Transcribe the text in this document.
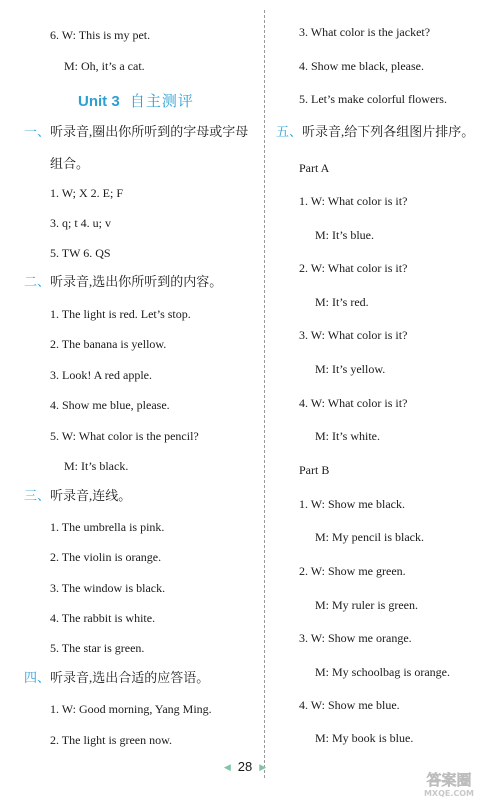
6. W: This is my pet.
M: Oh, it’s a cat.
Unit 3 自主测评
一、听录音,圈出你所听到的字母或字母
组合。
1. W; X 2. E; F
3. q; t 4. u; v
5. TW 6. QS
二、听录音,选出你所听到的内容。
1. The light is red. Let’s stop.
2. The banana is yellow.
3. Look! A red apple.
4. Show me blue, please.
5. W: What color is the pencil?
M: It’s black.
三、听录音,连线。
1. The umbrella is pink.
2. The violin is orange.
3. The window is black.
4. The rabbit is white.
5. The star is green.
四、听录音,选出合适的应答语。
1. W: Good morning, Yang Ming.
2. The light is green now.
3. What color is the jacket?
4. Show me black, please.
5. Let’s make colorful flowers.
五、听录音,给下列各组图片排序。
Part A
1. W: What color is it?
M: It’s blue.
2. W: What color is it?
M: It’s red.
3. W: What color is it?
M: It’s yellow.
4. W: What color is it?
M: It’s white.
Part B
1. W: Show me black.
M: My pencil is black.
2. W: Show me green.
M: My ruler is green.
3. W: Show me orange.
M: My schoolbag is orange.
4. W: Show me blue.
M: My book is blue.
◀ 28 ▶
答案圈
MXQE.COM
